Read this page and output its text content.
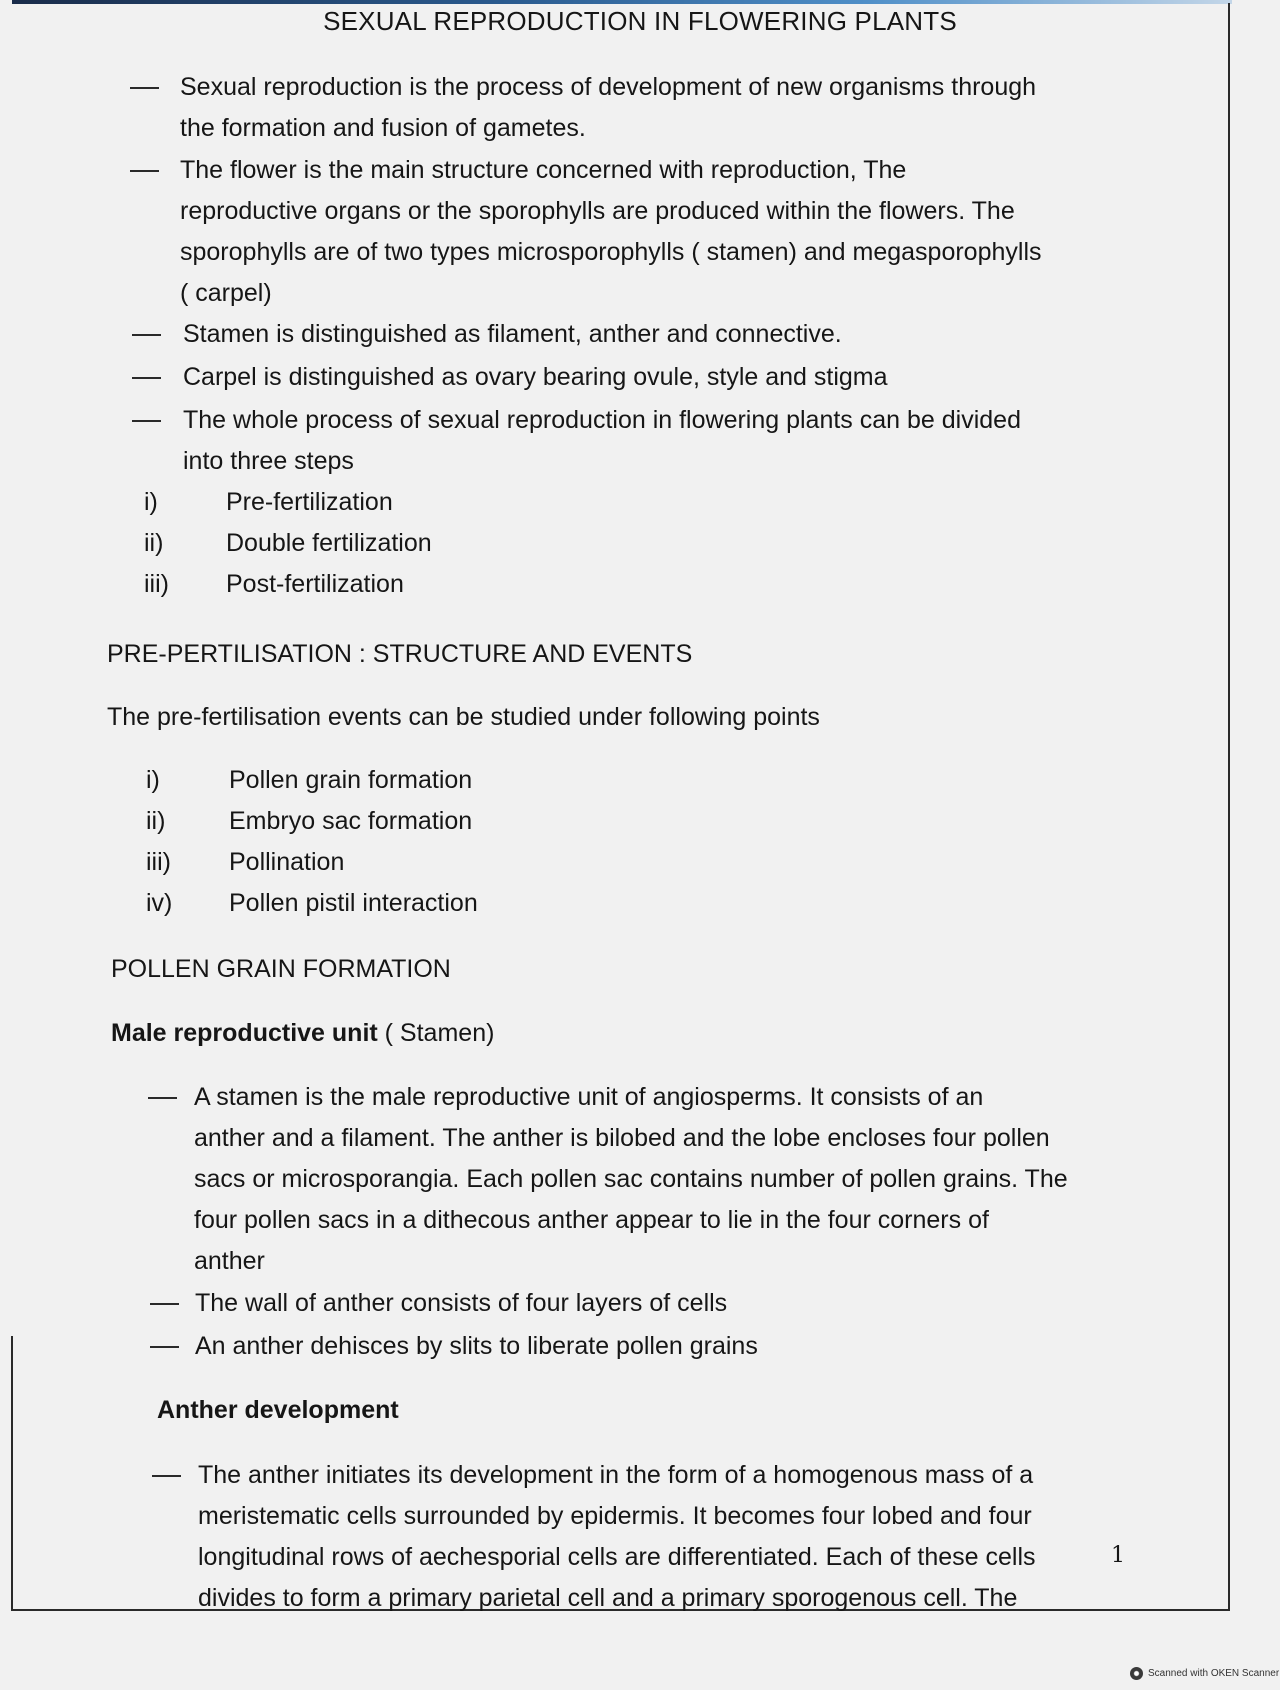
SEXUAL REPRODUCTION IN FLOWERING PLANTS
Sexual reproduction is the process of development of new organisms through
the formation and fusion of gametes.
The flower is the main structure concerned with reproduction, The
reproductive organs or the sporophylls are produced within the flowers. The
sporophylls are of two types microsporophylls ( stamen) and megasporophylls
( carpel)
Stamen is distinguished as filament, anther and connective.
Carpel is distinguished as ovary bearing ovule, style and stigma
The whole process of sexual reproduction in flowering plants can be divided
into three steps
i)	Pre-fertilization
ii)	Double fertilization
iii) Post-fertilization
PRE-PERTILISATION : STRUCTURE AND EVENTS
The pre-fertilisation events can be studied under following points
i)	Pollen grain formation
ii)	Embryo sac formation
iii) Pollination
iv) Pollen pistil interaction
POLLEN GRAIN FORMATION
Male reproductive unit ( Stamen)
A stamen is the male reproductive unit of angiosperms. It consists of an
anther and a filament. The anther is bilobed and the lobe encloses four pollen
sacs or microsporangia. Each pollen sac contains number of pollen grains. The
four pollen sacs in a dithecous anther appear to lie in the four corners of
anther
The wall of anther consists of four layers of cells
An anther dehisces by slits to liberate pollen grains
Anther development
The anther initiates its development in the form of a homogenous mass of a
meristematic cells surrounded by epidermis. It becomes four lobed and four
longitudinal rows of aechesporial cells are differentiated. Each of these cells
divides to form a primary parietal cell and a primary sporogenous cell. The
1
Scanned with OKEN Scanner
